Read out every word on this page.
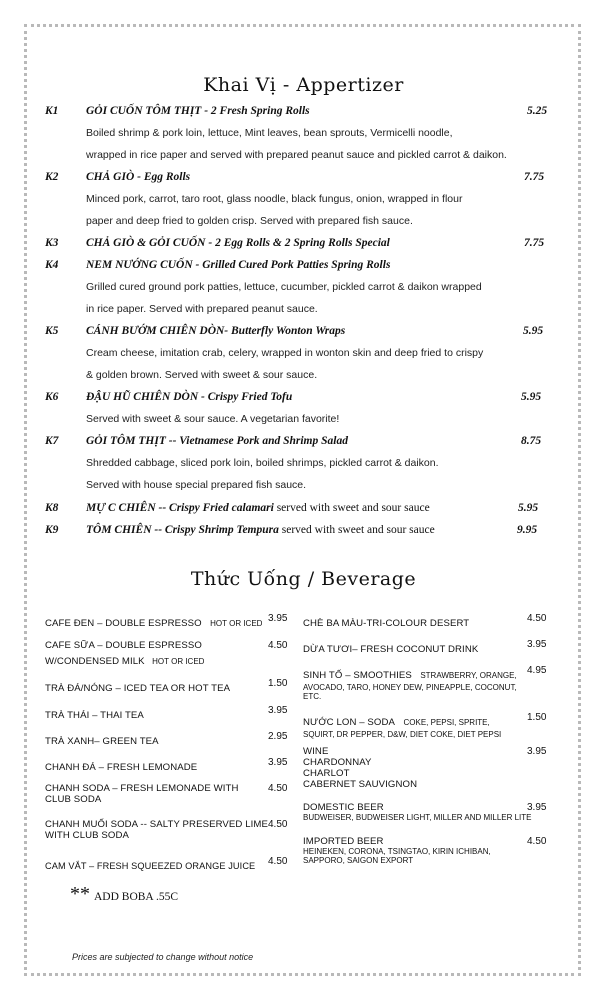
Khai Vị - Appertizer
K1 GỎI CUỐN TÔM THỊT - 2 Fresh Spring Rolls	5.25
Boiled shrimp & pork loin, lettuce, Mint leaves, bean sprouts, Vermicelli noodle,
wrapped in rice paper and served with prepared peanut sauce and pickled carrot & daikon.
K2 CHẢ GIÒ - Egg Rolls	7.75
Minced pork, carrot, taro root, glass noodle, black fungus, onion, wrapped in flour
paper and deep fried to golden crisp. Served with prepared fish sauce.
K3 CHẢ GIÒ & GỎI CUỐN - 2 Egg Rolls & 2 Spring Rolls Special	7.75
K4 NEM NƯỚNG CUỐN - Grilled Cured Pork Patties Spring Rolls
Grilled cured ground pork patties, lettuce, cucumber, pickled carrot & daikon wrapped
in rice paper. Served with prepared peanut sauce.
K5 CÁNH BƯỚM CHIÊN DÒN- Butterfly Wonton Wraps	5.95
Cream cheese, imitation crab, celery, wrapped in wonton skin and deep fried to crispy
& golden brown. Served with sweet & sour sauce.
K6 ĐẬU HŨ CHIÊN DÒN - Crispy Fried Tofu	5.95
Served with sweet & sour sauce. A vegetarian favorite!
K7 GỎI TÔM THỊT -- Vietnamese Pork and Shrimp Salad	8.75
Shredded cabbage, sliced pork loin, boiled shrimps, pickled carrot & daikon.
Served with house special prepared fish sauce.
K8 MỰ C CHIÊN -- Crispy Fried calamari served with sweet and sour sauce	5.95
K9 TÔM CHIÊN -- Crispy Shrimp Tempura served with sweet and sour sauce	9.95
Thức Uống / Beverage
CAFE ĐEN – DOUBLE ESPRESSO HOT OR ICED 3.95
CAFE SỮA – DOUBLE ESPRESSO
W/CONDENSED MILK HOT OR ICED
4.50
TRÀ ĐÁ/NÓNG – ICED TEA OR HOT TEA	1.50
TRÀ THÁI – THAI TEA	3.95
TRÀ XANH– GREEN TEA	2.95
CHANH ĐÁ – FRESH LEMONADE	3.95
CHANH SODA – FRESH LEMONADE WITH
CLUB SODA
4.50
CHANH MUỐI SODA -- SALTY PRESERVED LIME
WITH CLUB SODA
4.50
CAM VẮT – FRESH SQUEEZED ORANGE JUICE 4.50
CHÈ BA MÀU-TRI-COLOUR DESERT	4.50
DỪA TƯƠI– FRESH COCONUT DRINK	3.95
SINH TỐ – SMOOTHIES STRAWBERRY, ORANGE,
AVOCADO, TARO, HONEY DEW, PINEAPPLE, COCONUT,
ETC.
4.95
NƯỚC LON – SODA COKE, PEPSI, SPRITE,
SQUIRT, DR PEPPER, D&W, DIET COKE, DIET PEPSI
1.50
WINE
CHARDONNAY
CHARLOT
CABERNET SAUVIGNON
3.95
DOMESTIC BEER
BUDWEISER, BUDWEISER LIGHT, MILLER AND MILLER LITE
3.95
IMPORTED BEER
HEINEKEN, CORONA, TSINGTAO, KIRIN ICHIBAN,
SAPPORO, SAIGON EXPORT
4.50
** ADD BOBA .55C
Prices are subjected to change without notice
